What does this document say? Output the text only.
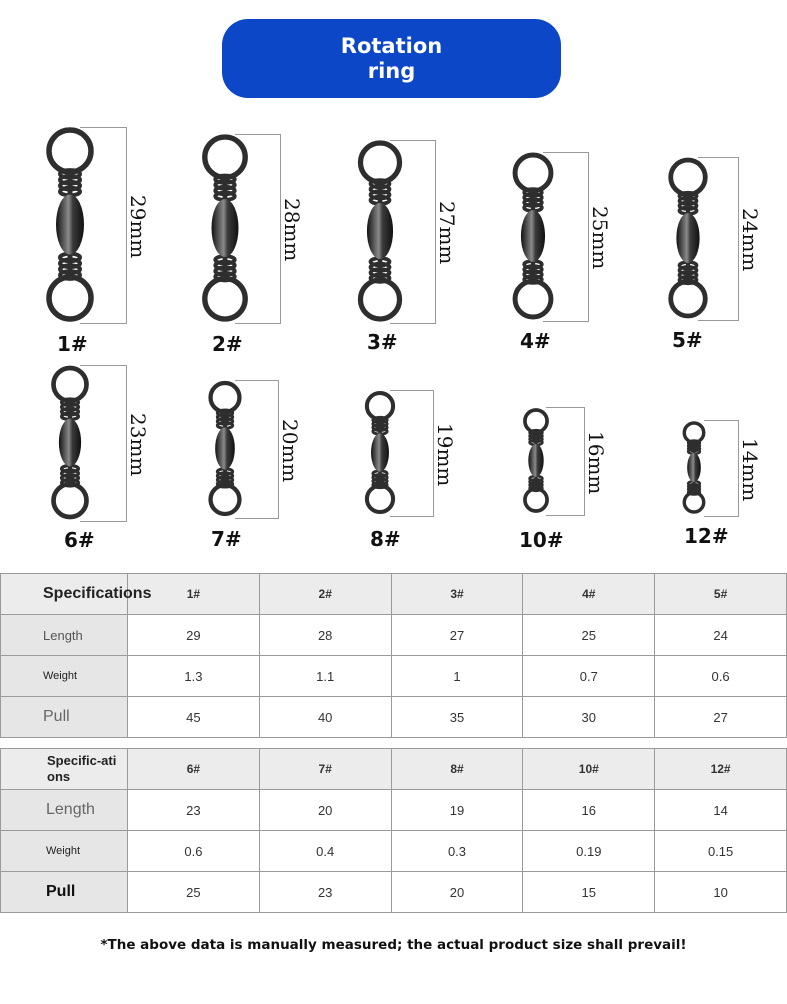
Rotation ring
29mm
1#
28mm
2#
27mm
3#
25mm
4#
24mm
5#
23mm
6#
20mm
7#
19mm
8#
16mm
10#
14mm
12#
Specifications	1#	2#	3#	4#	5#
Length	29	28	27	25	24
Weight	1.3	1.1	1	0.7	0.6
Pull	45	40	35	30	27
Specific-ations	6#	7#	8#	10#	12#
Length	23	20	19	16	14
Weight	0.6	0.4	0.3	0.19	0.15
Pull	25	23	20	15	10
*The above data is manually measured; the actual product size shall prevail!
